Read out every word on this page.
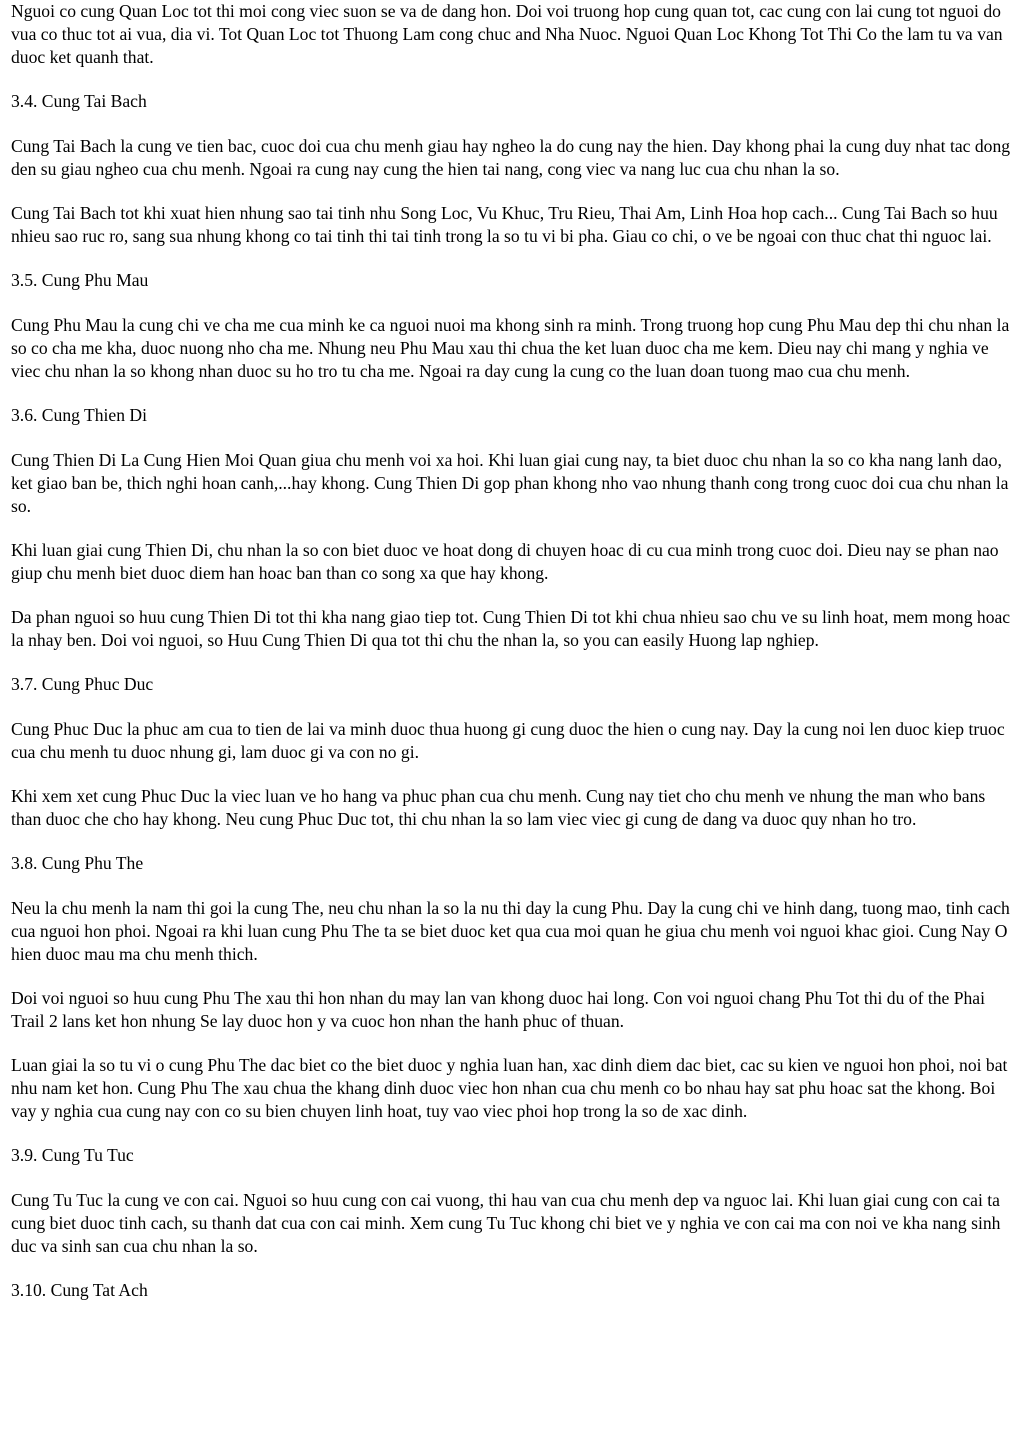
Nguoi co cung Quan Loc tot thi moi cong viec suon se va de dang hon. Doi voi truong hop cung quan tot, cac cung con lai cung tot nguoi do vua co thuc tot ai vua, dia vi. Tot Quan Loc tot Thuong Lam cong chuc and Nha Nuoc. Nguoi Quan Loc Khong Tot Thi Co the lam tu va van duoc ket quanh that.

3.4. Cung Tai Bach

Cung Tai Bach la cung ve tien bac, cuoc doi cua chu menh giau hay ngheo la do cung nay the hien. Day khong phai la cung duy nhat tac dong den su giau ngheo cua chu menh. Ngoai ra cung nay cung the hien tai nang, cong viec va nang luc cua chu nhan la so.

Cung Tai Bach tot khi xuat hien nhung sao tai tinh nhu Song Loc, Vu Khuc, Tru Rieu, Thai Am, Linh Hoa hop cach... Cung Tai Bach so huu nhieu sao ruc ro, sang sua nhung khong co tai tinh thi tai tinh trong la so tu vi bi pha. Giau co chi, o ve be ngoai con thuc chat thi nguoc lai.

3.5. Cung Phu Mau

Cung Phu Mau la cung chi ve cha me cua minh ke ca nguoi nuoi ma khong sinh ra minh. Trong truong hop cung Phu Mau dep thi chu nhan la so co cha me kha, duoc nuong nho cha me. Nhung neu Phu Mau xau thi chua the ket luan duoc cha me kem. Dieu nay chi mang y nghia ve viec chu nhan la so khong nhan duoc su ho tro tu cha me. Ngoai ra day cung la cung co the luan doan tuong mao cua chu menh.

3.6. Cung Thien Di

Cung Thien Di La Cung Hien Moi Quan giua chu menh voi xa hoi. Khi luan giai cung nay, ta biet duoc chu nhan la so co kha nang lanh dao, ket giao ban be, thich nghi hoan canh,...hay khong. Cung Thien Di gop phan khong nho vao nhung thanh cong trong cuoc doi cua chu nhan la so.

Khi luan giai cung Thien Di, chu nhan la so con biet duoc ve hoat dong di chuyen hoac di cu cua minh trong cuoc doi. Dieu nay se phan nao giup chu menh biet duoc diem han hoac ban than co song xa que hay khong.

Da phan nguoi so huu cung Thien Di tot thi kha nang giao tiep tot. Cung Thien Di tot khi chua nhieu sao chu ve su linh hoat, mem mong hoac la nhay ben. Doi voi nguoi, so Huu Cung Thien Di qua tot thi chu the nhan la, so you can easily Huong lap nghiep.

3.7. Cung Phuc Duc

Cung Phuc Duc la phuc am cua to tien de lai va minh duoc thua huong gi cung duoc the hien o cung nay. Day la cung noi len duoc kiep truoc cua chu menh tu duoc nhung gi, lam duoc gi va con no gi.

Khi xem xet cung Phuc Duc la viec luan ve ho hang va phuc phan cua chu menh. Cung nay tiet cho chu menh ve nhung the man who bans than duoc che cho hay khong. Neu cung Phuc Duc tot, thi chu nhan la so lam viec viec gi cung de dang va duoc quy nhan ho tro.

3.8. Cung Phu The

Neu la chu menh la nam thi goi la cung The, neu chu nhan la so la nu thi day la cung Phu. Day la cung chi ve hinh dang, tuong mao, tinh cach cua nguoi hon phoi. Ngoai ra khi luan cung Phu The ta se biet duoc ket qua cua moi quan he giua chu menh voi nguoi khac gioi. Cung Nay O hien duoc mau ma chu menh thich.

Doi voi nguoi so huu cung Phu The xau thi hon nhan du may lan van khong duoc hai long. Con voi nguoi chang Phu Tot thi du of the Phai Trail 2 lans ket hon nhung Se lay duoc hon y va cuoc hon nhan the hanh phuc of thuan.

Luan giai la so tu vi o cung Phu The dac biet co the biet duoc y nghia luan han, xac dinh diem dac biet, cac su kien ve nguoi hon phoi, noi bat nhu nam ket hon. Cung Phu The xau chua the khang dinh duoc viec hon nhan cua chu menh co bo nhau hay sat phu hoac sat the khong. Boi vay y nghia cua cung nay con co su bien chuyen linh hoat, tuy vao viec phoi hop trong la so de xac dinh.

3.9. Cung Tu Tuc

Cung Tu Tuc la cung ve con cai. Nguoi so huu cung con cai vuong, thi hau van cua chu menh dep va nguoc lai. Khi luan giai cung con cai ta cung biet duoc tinh cach, su thanh dat cua con cai minh. Xem cung Tu Tuc khong chi biet ve y nghia ve con cai ma con noi ve kha nang sinh duc va sinh san cua chu nhan la so.

3.10. Cung Tat Ach
